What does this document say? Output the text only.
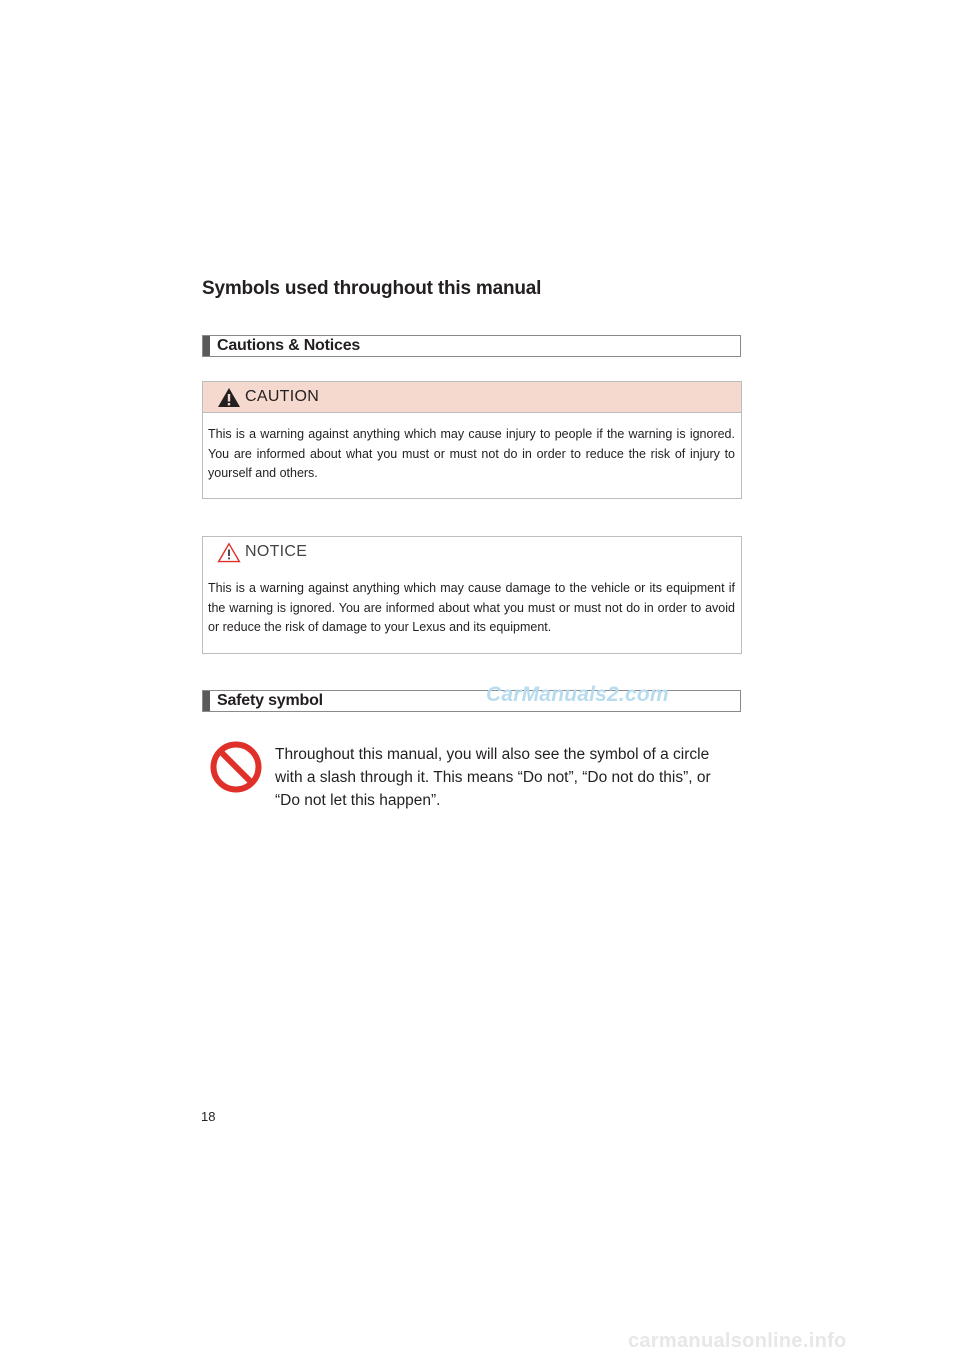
Symbols used throughout this manual
Cautions & Notices
CAUTION
This is a warning against anything which may cause injury to people if the warning is ignored. You are informed about what you must or must not do in order to reduce the risk of injury to yourself and others.
NOTICE
This is a warning against anything which may cause damage to the vehicle or its equipment if the warning is ignored. You are informed about what you must or must not do in order to avoid or reduce the risk of damage to your Lexus and its equipment.
Safety symbol	CarManuals2.com

Throughout this manual, you will also see the symbol of a circle with a slash through it. This means “Do not”, “Do not do this”, or “Do not let this happen”.

18
carmanualsonline.info
